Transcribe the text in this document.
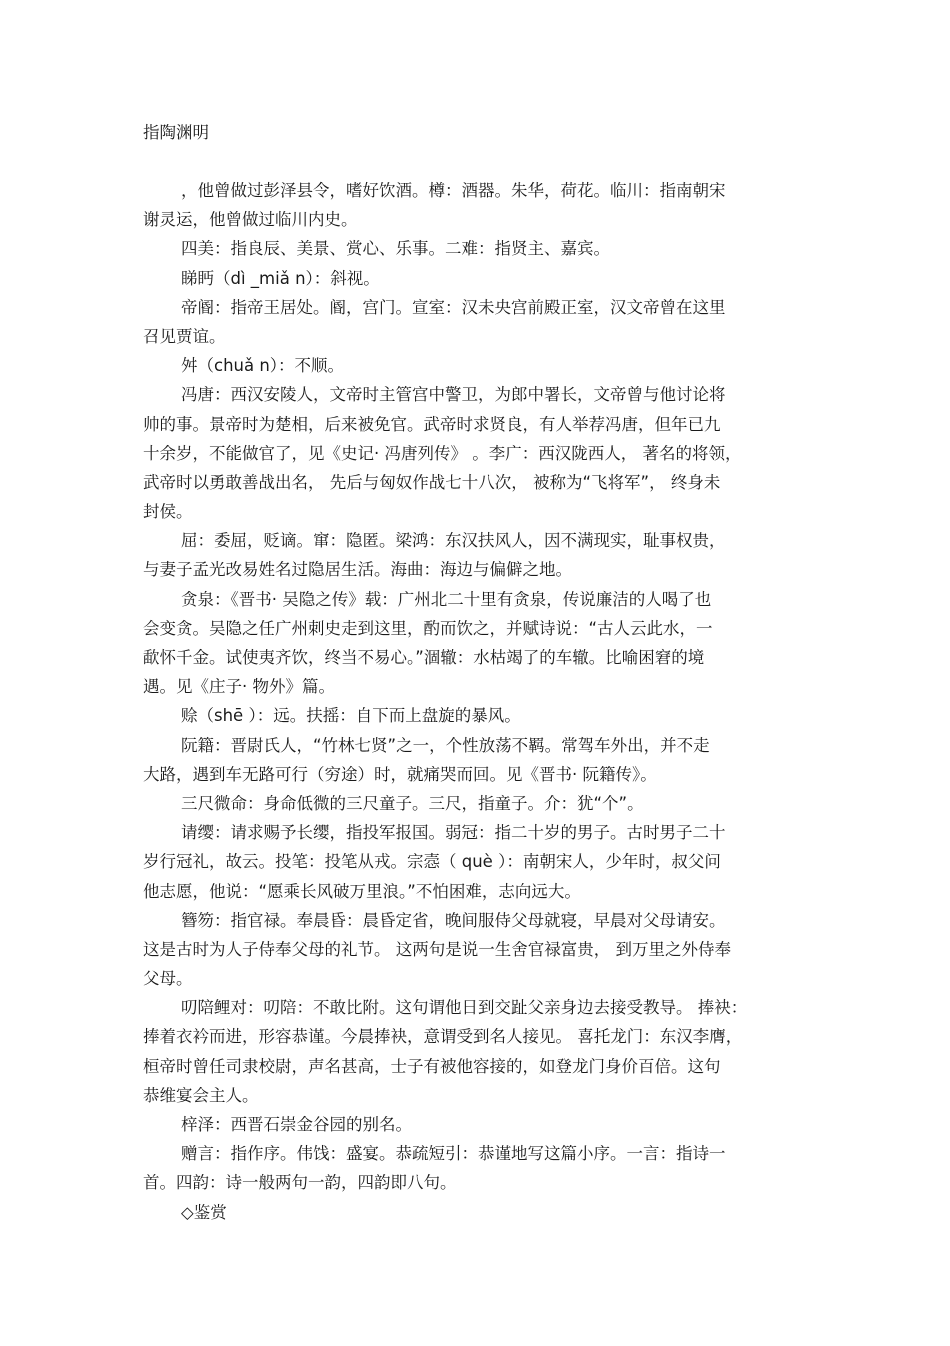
指陶渊明
，他曾做过彭泽县令，嗜好饮酒。樽：酒器。朱华，荷花。临川：指南朝宋
谢灵运，他曾做过临川内史。
四美：指良辰、美景、赏心、乐事。二难：指贤主、嘉宾。
睇眄（dì _miǎ n）：斜视。
帝阍：指帝王居处。阍，宫门。宣室：汉未央宫前殿正室，汉文帝曾在这里
召见贾谊。
舛（chuǎ n）：不顺。
冯唐：西汉安陵人，文帝时主管宫中警卫，为郎中署长，文帝曾与他讨论将
帅的事。景帝时为楚相，后来被免官。武帝时求贤良，有人举荐冯唐，但年已九
十余岁，不能做官了，见《史记· 冯唐列传》 。李广：西汉陇西人， 著名的将领，
武帝时以勇敢善战出名， 先后与匈奴作战七十八次， 被称为“飞将军”， 终身未
封侯。
屈：委屈，贬谪。窜：隐匿。梁鸿：东汉扶风人，因不满现实，耻事权贵，
与妻子孟光改易姓名过隐居生活。海曲：海边与偏僻之地。
贪泉：《晋书· 吴隐之传》载：广州北二十里有贪泉，传说廉洁的人喝了也
会变贪。吴隐之任广州刺史走到这里，酌而饮之，并赋诗说：“古人云此水，一
歃怀千金。试使夷齐饮，终当不易心。”涸辙：水枯竭了的车辙。比喻困窘的境
遇。见《庄子· 物外》篇。
赊（shē ）：远。扶摇：自下而上盘旋的暴风。
阮籍：晋尉氏人，“竹林七贤”之一，个性放荡不羁。常驾车外出，并不走
大路，遇到车无路可行（穷途）时，就痛哭而回。见《晋书· 阮籍传》。
三尺微命：身命低微的三尺童子。三尺，指童子。介：犹“个”。
请缨：请求赐予长缨，指投军报国。弱冠：指二十岁的男子。古时男子二十
岁行冠礼，故云。投笔：投笔从戎。宗悫（ què ）：南朝宋人，少年时，叔父问
他志愿，他说：“愿乘长风破万里浪。”不怕困难，志向远大。
簪笏：指官禄。奉晨昏：晨昏定省，晚间服侍父母就寝，早晨对父母请安。
这是古时为人子侍奉父母的礼节。 这两句是说一生舍官禄富贵， 到万里之外侍奉
父母。
叨陪鲤对：叨陪：不敢比附。这句谓他日到交趾父亲身边去接受教导。 捧袂：
捧着衣衿而进，形容恭谨。今晨捧袂，意谓受到名人接见。 喜托龙门：东汉李膺，
桓帝时曾任司隶校尉，声名甚高，士子有被他容接的，如登龙门身价百倍。这句
恭维宴会主人。
梓泽：西晋石崇金谷园的别名。
赠言：指作序。伟饯：盛宴。恭疏短引：恭谨地写这篇小序。一言：指诗一
首。四韵：诗一般两句一韵，四韵即八句。
◇鉴赏
